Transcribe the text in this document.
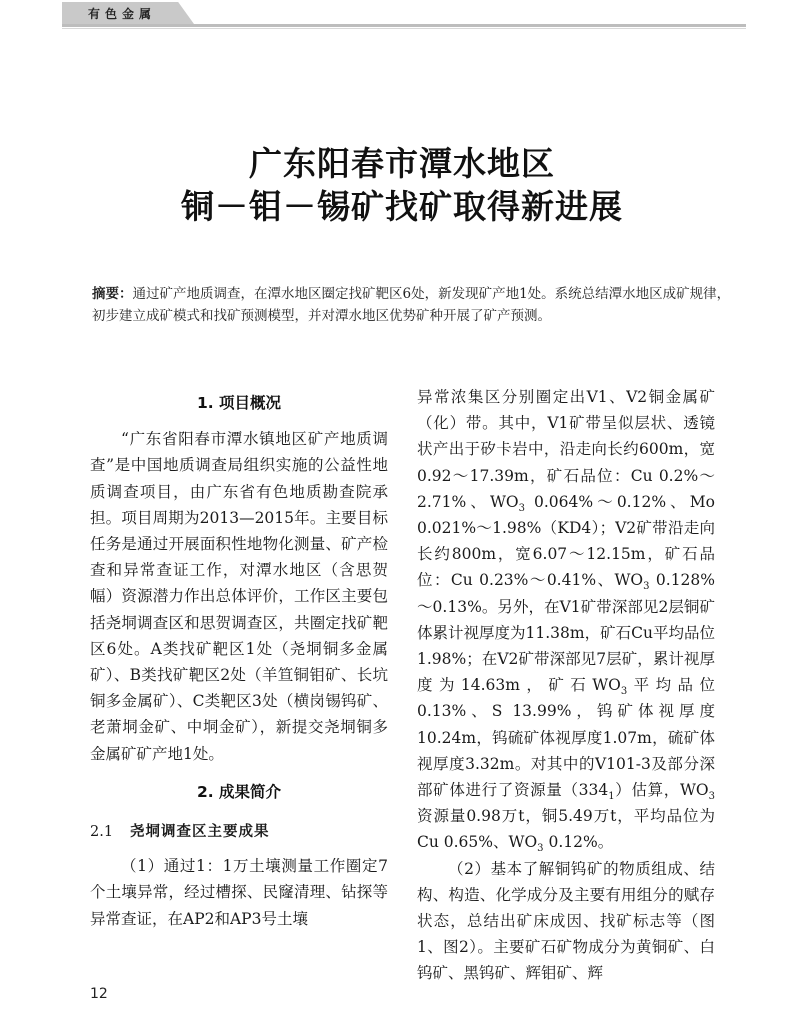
有色金属
广东阳春市潭水地区
铜－钼－锡矿找矿取得新进展
摘要：通过矿产地质调查，在潭水地区圈定找矿靶区6处，新发现矿产地1处。系统总结潭水地区成矿规律，初步建立成矿模式和找矿预测模型，并对潭水地区优势矿种开展了矿产预测。
1. 项目概况

“广东省阳春市潭水镇地区矿产地质调查”是中国地质调查局组织实施的公益性地质调查项目，由广东省有色地质勘查院承担。项目周期为2013—2015年。主要目标任务是通过开展面积性地物化测量、矿产检查和异常查证工作，对潭水地区（含思贺幅）资源潜力作出总体评价，工作区主要包括尧垌调查区和思贺调查区，共圈定找矿靶区6处。A类找矿靶区1处（尧垌铜多金属矿）、B类找矿靶区2处（羊笪铜钼矿、长坑铜多金属矿）、C类靶区3处（横岗锡钨矿、老萧垌金矿、中垌金矿），新提交尧垌铜多金属矿矿产地1处。

2. 成果简介
2.1 尧垌调查区主要成果

（1）通过1：1万土壤测量工作圈定7个土壤异常，经过槽探、民窿清理、钻探等异常查证，在AP2和AP3号土壤

异常浓集区分别圈定出V1、V2铜金属矿（化）带。其中，V1矿带呈似层状、透镜状产出于矽卡岩中，沿走向长约600m，宽0.92～17.39m，矿石品位：Cu 0.2%～2.71%、$WO_3$ 0.064%～0.12%、Mo 0.021%～1.98%（KD4）；V2矿带沿走向长约800m，宽6.07～12.15m，矿石品位：Cu 0.23%～0.41%、$WO_3$ 0.128%～0.13%。另外，在V1矿带深部见2层铜矿体累计视厚度为11.38m，矿石Cu平均品位1.98%；在V2矿带深部见7层矿，累计视厚度为14.63m，矿石$WO_3$平均品位0.13%、S 13.99%，钨矿体视厚度10.24m，钨硫矿体视厚度1.07m，硫矿体视厚度3.32m。对其中的V101-3及部分深部矿体进行了资源量$(334_1)$估算，$WO_3$资源量0.98万t，铜5.49万t，平均品位为Cu 0.65%、$WO_3$ 0.12%。

（2）基本了解铜钨矿的物质组成、结构、构造、化学成分及主要有用组分的赋存状态，总结出矿床成因、找矿标志等（图1、图2）。主要矿石矿物成分为黄铜矿、白钨矿、黑钨矿、辉钼矿、辉

12
